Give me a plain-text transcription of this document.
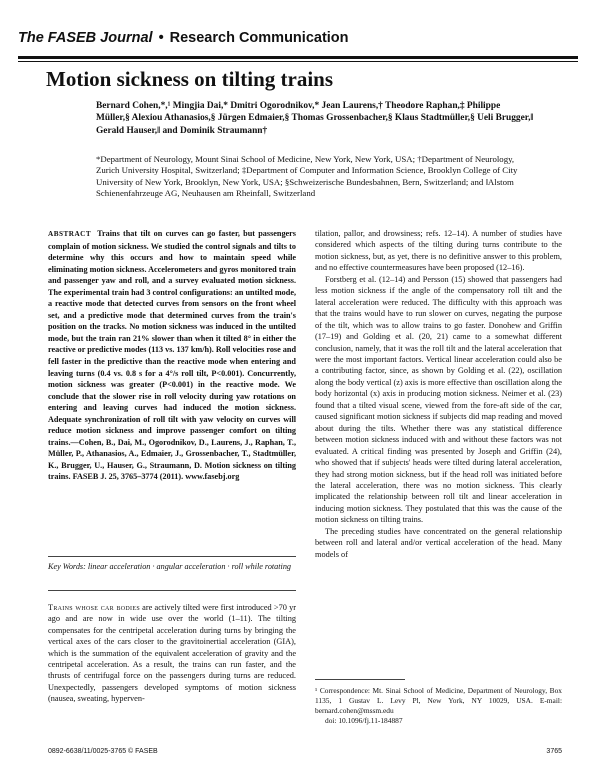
The FASEB Journal • Research Communication
Motion sickness on tilting trains
Bernard Cohen,*,¹ Mingjia Dai,* Dmitri Ogorodnikov,* Jean Laurens,† Theodore Raphan,‡ Philippe Müller,§ Alexiou Athanasios,§ Jürgen Edmaier,§ Thomas Grossenbacher,§ Klaus Stadtmüller,§ Ueli Brugger,‖ Gerald Hauser,‖ and Dominik Straumann†
*Department of Neurology, Mount Sinai School of Medicine, New York, New York, USA; †Department of Neurology, Zurich University Hospital, Switzerland; ‡Department of Computer and Information Science, Brooklyn College of City University of New York, Brooklyn, New York, USA; §Schweizerische Bundesbahnen, Bern, Switzerland; and ‖Alstom Schienenfahrzeuge AG, Neuhausen am Rheinfall, Switzerland
ABSTRACT Trains that tilt on curves can go faster, but passengers complain of motion sickness. We studied the control signals and tilts to determine why this occurs and how to maintain speed while eliminating motion sickness. Accelerometers and gyros monitored train and passenger yaw and roll, and a survey evaluated motion sickness. The experimental train had 3 control configurations: an untilted mode, a reactive mode that detected curves from sensors on the front wheel set, and a predictive mode that determined curves from the train's position on the tracks. No motion sickness was induced in the untilted mode, but the train ran 21% slower than when it tilted 8° in either the reactive or predictive modes (113 vs. 137 km/h). Roll velocities rose and fell faster in the predictive than the reactive mode when entering and leaving turns (0.4 vs. 0.8 s for a 4°/s roll tilt, P<0.001). Concurrently, motion sickness was greater (P<0.001) in the reactive mode. We conclude that the slower rise in roll velocity during yaw rotations on entering and leaving curves had induced the motion sickness. Adequate synchronization of roll tilt with yaw velocity on curves will reduce motion sickness and improve passenger comfort on tilting trains.—Cohen, B., Dai, M., Ogorodnikov, D., Laurens, J., Raphan, T., Müller, P., Athanasios, A., Edmaier, J., Grossenbacher, T., Stadtmüller, K., Brugger, U., Hauser, G., Straumann, D. Motion sickness on tilting trains. FASEB J. 25, 3765–3774 (2011). www.fasebj.org
Key Words: linear acceleration · angular acceleration · roll while rotating
Trains whose car bodies are actively tilted were first introduced >70 yr ago and are now in wide use over the world (1–11). The tilting compensates for the centripetal acceleration during turns by bringing the vertical axes of the cars closer to the gravitoinertial acceleration (GIA), which is the summation of the equivalent acceleration of gravity and the centripetal acceleration. As a result, the trains can run faster, and the thrusts of centrifugal force on the passengers during turns are reduced. Unexpectedly, passengers developed symptoms of motion sickness (nausea, sweating, hyperven-

tilation, pallor, and drowsiness; refs. 12–14). A number of studies have considered which aspects of the tilting during turns contribute to the motion sickness, but, as yet, there is no definitive answer to this problem, and no effective countermeasures have been proposed (12–16).

Forstberg et al. (12–14) and Persson (15) showed that passengers had less motion sickness if the angle of the compensatory roll tilt and the lateral acceleration were reduced. The difficulty with this approach was that the trains would have to run slower on curves, negating the purpose of the tilt, which was to allow trains to go faster. Donohew and Griffin (17–19) and Golding et al. (20, 21) came to a somewhat different conclusion, namely, that it was the roll tilt and the lateral acceleration that were the most important factors. Vertical linear acceleration could also be a contributing factor, since, as shown by Golding et al. (22), oscillation along the body vertical (z) axis is more effective than oscillation along the body horizontal (x) axis in producing motion sickness. Neimer et al. (23) found that a tilted visual scene, viewed from the fore-aft side of the car, caused significant motion sickness if subjects did map reading and moved about during the tilts. Whether there was any statistical difference between motion sickness induced with and without these factors was not evaluated. A critical finding was presented by Joseph and Griffin (24), who showed that if subjects' heads were tilted during lateral acceleration, they had strong motion sickness, but if the head roll was initiated before the lateral acceleration, there was no motion sickness. This clearly implicated the relationship between roll tilt and linear acceleration in inducing motion sickness. They postulated that this was the cause of the motion sickness on tilting trains.

The preceding studies have concentrated on the general relationship between roll and lateral and/or vertical acceleration of the head. Many models of

¹ Correspondence: Mt. Sinai School of Medicine, Department of Neurology, Box 1135, 1 Gustav L. Levy Pl, New York, NY 10029, USA. E-mail: bernard.cohen@mssm.edu
doi: 10.1096/fj.11-184887
0892-6638/11/0025-3765 © FASEB	3765
